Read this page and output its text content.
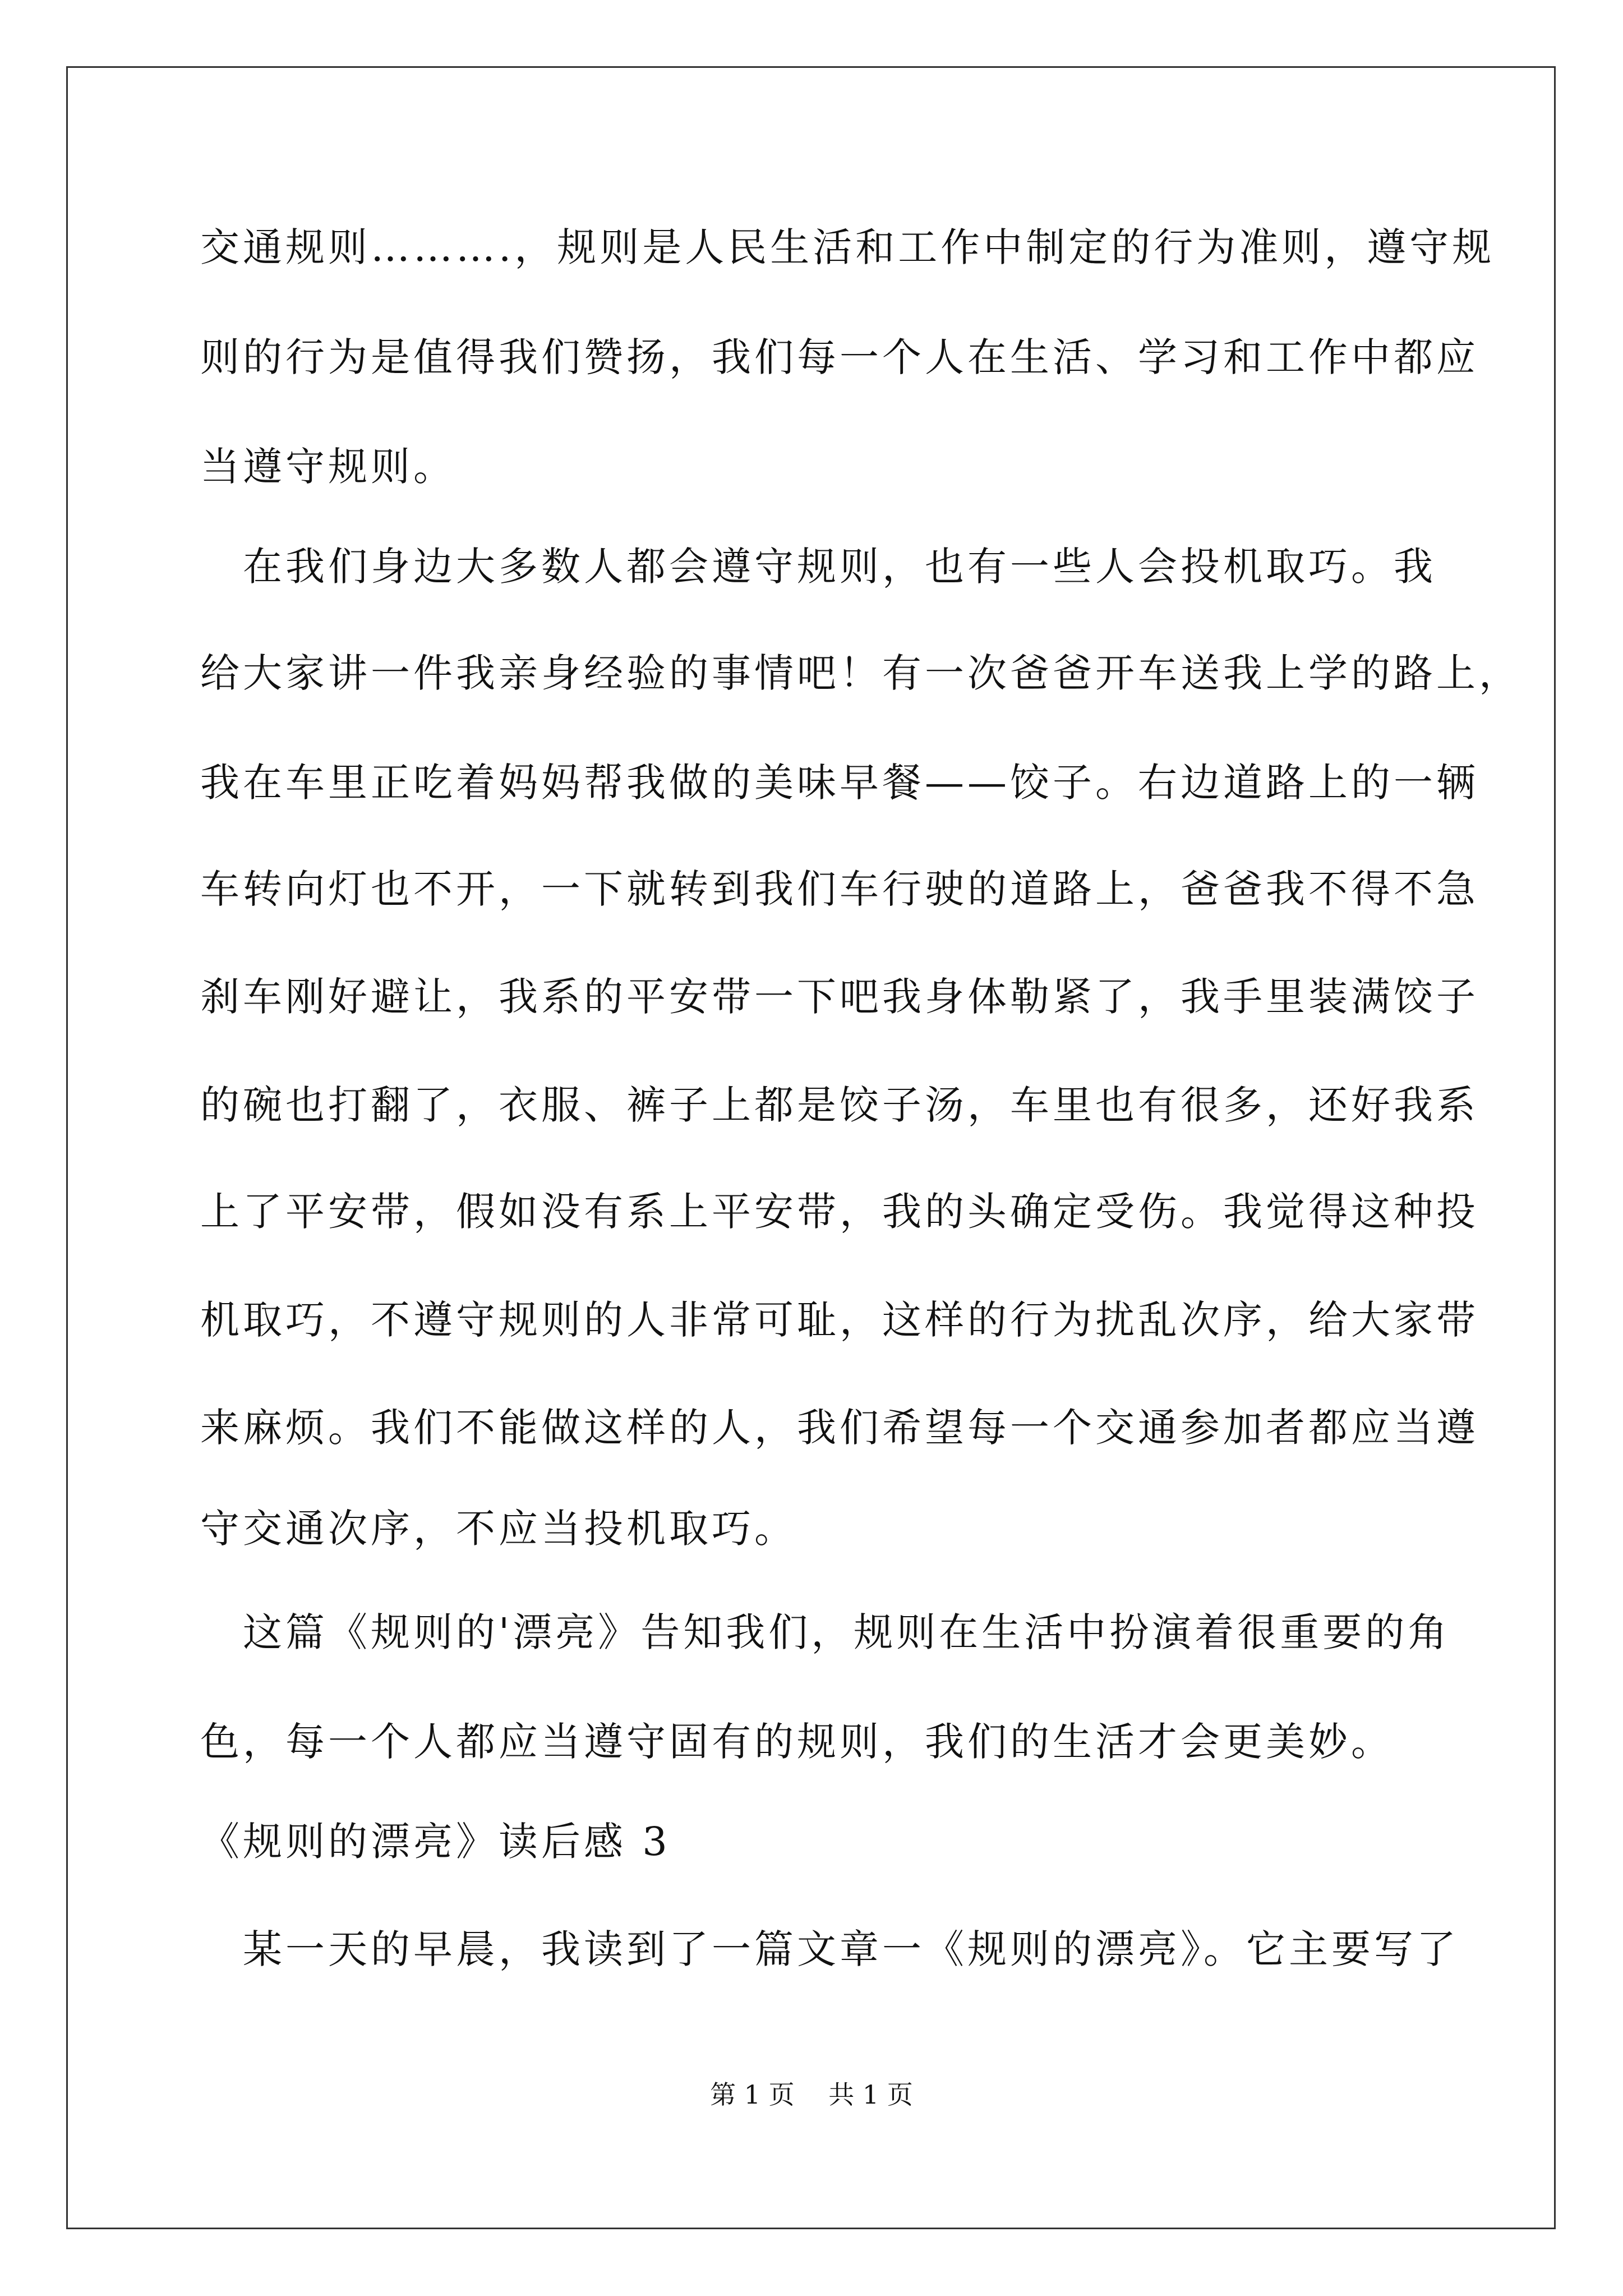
交通规则……….，规则是人民生活和工作中制定的行为准则，遵守规
则的行为是值得我们赞扬，我们每一个人在生活、学习和工作中都应
当遵守规则。
　在我们身边大多数人都会遵守规则，也有一些人会投机取巧。我
给大家讲一件我亲身经验的事情吧！有一次爸爸开车送我上学的路上，
我在车里正吃着妈妈帮我做的美味早餐——饺子。右边道路上的一辆
车转向灯也不开，一下就转到我们车行驶的道路上，爸爸我不得不急
刹车刚好避让，我系的平安带一下吧我身体勒紧了，我手里装满饺子
的碗也打翻了，衣服、裤子上都是饺子汤，车里也有很多，还好我系
上了平安带，假如没有系上平安带，我的头确定受伤。我觉得这种投
机取巧，不遵守规则的人非常可耻，这样的行为扰乱次序，给大家带
来麻烦。我们不能做这样的人，我们希望每一个交通参加者都应当遵
守交通次序，不应当投机取巧。
　这篇《规则的'漂亮》告知我们，规则在生活中扮演着很重要的角
色，每一个人都应当遵守固有的规则，我们的生活才会更美妙。
《规则的漂亮》读后感 3
　某一天的早晨，我读到了一篇文章一《规则的漂亮》。它主要写了
第 1 页　 共 1 页
